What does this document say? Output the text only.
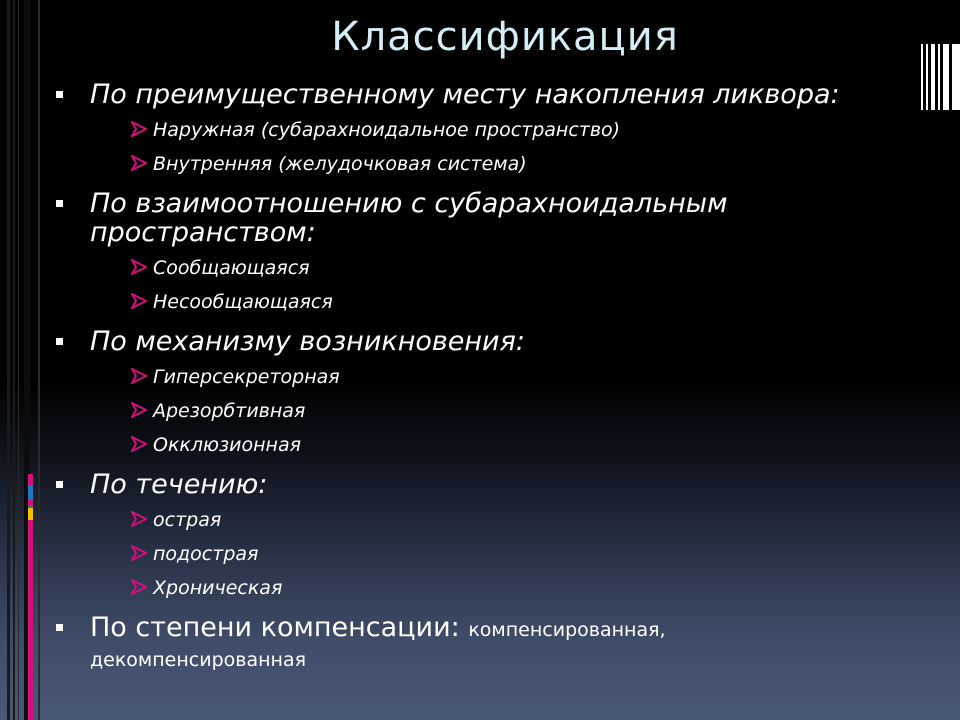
Классификация
По преимущественному месту накопления ликвора:
Наружная (субарахноидальное пространство)
Внутренняя (желудочковая система)
По взаимоотношению с субарахноидальным
пространством:
Сообщающаяся
Несообщающаяся
По механизму возникновения:
Гиперсекреторная
Арезорбтивная
Окклюзионная
По течению:
острая
подострая
Хроническая
По степени компенсации: компенсированная,
декомпенсированная
